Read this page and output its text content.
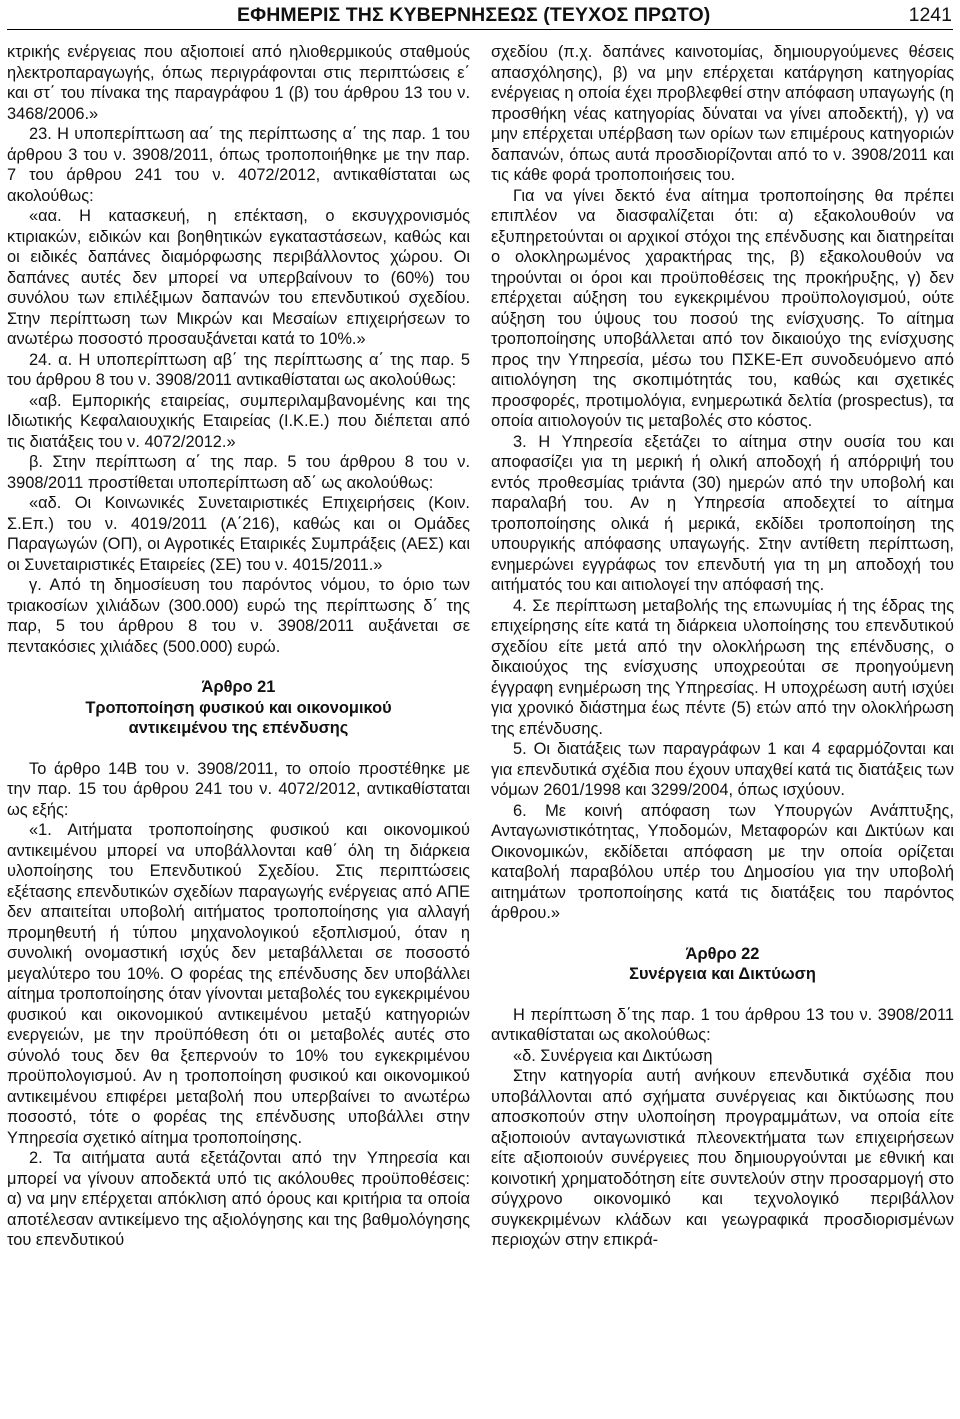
ΕΦΗΜΕΡΙΣ ΤΗΣ ΚΥΒΕΡΝΗΣΕΩΣ (ΤΕΥΧΟΣ ΠΡΩΤΟ)	1241

κτρικής ενέργειας που αξιοποιεί από ηλιοθερμικούς σταθμούς ηλεκτροπαραγωγής, όπως περιγράφονται στις περιπτώσεις ε΄ και στ΄ του πίνακα της παραγράφου 1 (β) του άρθρου 13 του ν. 3468/2006.»

23. Η υποπερίπτωση αα΄ της περίπτωσης α΄ της παρ. 1 του άρθρου 3 του ν. 3908/2011, όπως τροποποιήθηκε με την παρ. 7 του άρθρου 241 του ν. 4072/2012, αντικαθίσταται ως ακολούθως:

«αα. Η κατασκευή, η επέκταση, ο εκσυγχρονισμός κτιριακών, ειδικών και βοηθητικών εγκαταστάσεων, καθώς και οι ειδικές δαπάνες διαμόρφωσης περιβάλλοντος χώρου. Οι δαπάνες αυτές δεν μπορεί να υπερβαίνουν το (60%) του συνόλου των επιλέξιμων δαπανών του επενδυτικού σχεδίου. Στην περίπτωση των Μικρών και Μεσαίων επιχειρήσεων το ανωτέρω ποσοστό προσαυξάνεται κατά το 10%.»

24. α. Η υποπερίπτωση αβ΄ της περίπτωσης α΄ της παρ. 5 του άρθρου 8 του ν. 3908/2011 αντικαθίσταται ως ακολούθως:

«αβ. Εμπορικής εταιρείας, συμπεριλαμβανομένης και της Ιδιωτικής Κεφαλαιουχικής Εταιρείας (Ι.Κ.Ε.) που διέπεται από τις διατάξεις του ν. 4072/2012.»

β. Στην περίπτωση α΄ της παρ. 5 του άρθρου 8 του ν. 3908/2011 προστίθεται υποπερίπτωση αδ΄ ως ακολούθως:

«αδ. Οι Κοινωνικές Συνεταιριστικές Επιχειρήσεις (Κοιν. Σ.Επ.) του ν. 4019/2011 (Α΄216), καθώς και οι Ομάδες Παραγωγών (ΟΠ), οι Αγροτικές Εταιρικές Συμπράξεις (ΑΕΣ) και οι Συνεταιριστικές Εταιρείες (ΣΕ) του ν. 4015/2011.»

γ. Από τη δημοσίευση του παρόντος νόμου, το όριο των τριακοσίων χιλιάδων (300.000) ευρώ της περίπτωσης δ΄ της παρ, 5 του άρθρου 8 του ν. 3908/2011 αυξάνεται σε πεντακόσιες χιλιάδες (500.000) ευρώ.

Άρθρο 21

Τροποποίηση φυσικού και οικονομικού

αντικειμένου της επένδυσης

Το άρθρο 14Β του ν. 3908/2011, το οποίο προστέθηκε με την παρ. 15 του άρθρου 241 του ν. 4072/2012, αντικαθίσταται ως εξής:

«1. Αιτήματα τροποποίησης φυσικού και οικονομικού αντικειμένου μπορεί να υποβάλλονται καθ΄ όλη τη διάρκεια υλοποίησης του Επενδυτικού Σχεδίου. Στις περιπτώσεις εξέτασης επενδυτικών σχεδίων παραγωγής ενέργειας από ΑΠΕ δεν απαιτείται υποβολή αιτήματος τροποποίησης για αλλαγή προμηθευτή ή τύπου μηχανολογικού εξοπλισμού, όταν η συνολική ονομαστική ισχύς δεν μεταβάλλεται σε ποσοστό μεγαλύτερο του 10%. Ο φορέας της επένδυσης δεν υποβάλλει αίτημα τροποποίησης όταν γίνονται μεταβολές του εγκεκριμένου φυσικού και οικονομικού αντικειμένου μεταξύ κατηγοριών ενεργειών, με την προϋπόθεση ότι οι μεταβολές αυτές στο σύνολό τους δεν θα ξεπερνούν το 10% του εγκεκριμένου προϋπολογισμού. Αν η τροποποίηση φυσικού και οικονομικού αντικειμένου επιφέρει μεταβολή που υπερβαίνει το ανωτέρω ποσοστό, τότε ο φορέας της επένδυσης υποβάλλει στην Υπηρεσία σχετικό αίτημα τροποποίησης.

2. Τα αιτήματα αυτά εξετάζονται από την Υπηρεσία και μπορεί να γίνουν αποδεκτά υπό τις ακόλουθες προϋποθέσεις: α) να μην επέρχεται απόκλιση από όρους και κριτήρια τα οποία αποτέλεσαν αντικείμενο της αξιολόγησης και της βαθμολόγησης του επενδυτικού

σχεδίου (π.χ. δαπάνες καινοτομίας, δημιουργούμενες θέσεις απασχόλησης), β) να μην επέρχεται κατάργηση κατηγορίας ενέργειας η οποία έχει προβλεφθεί στην απόφαση υπαγωγής (η προσθήκη νέας κατηγορίας δύναται να γίνει αποδεκτή), γ) να μην επέρχεται υπέρβαση των ορίων των επιμέρους κατηγοριών δαπανών, όπως αυτά προσδιορίζονται από το ν. 3908/2011 και τις κάθε φορά τροποποιήσεις του.

Για να γίνει δεκτό ένα αίτημα τροποποίησης θα πρέπει επιπλέον να διασφαλίζεται ότι: α) εξακολουθούν να εξυπηρετούνται οι αρχικοί στόχοι της επένδυσης και διατηρείται ο ολοκληρωμένος χαρακτήρας της, β) εξακολουθούν να τηρούνται οι όροι και προϋποθέσεις της προκήρυξης, γ) δεν επέρχεται αύξηση του εγκεκριμένου προϋπολογισμού, ούτε αύξηση του ύψους του ποσού της ενίσχυσης. Το αίτημα τροποποίησης υποβάλλεται από τον δικαιούχο της ενίσχυσης προς την Υπηρεσία, μέσω του ΠΣΚΕ-Επ συνοδευόμενο από αιτιολόγηση της σκοπιμότητάς του, καθώς και σχετικές προσφορές, προτιμολόγια, ενημερωτικά δελτία (prospectus), τα οποία αιτιολογούν τις μεταβολές στο κόστος.

3. Η Υπηρεσία εξετάζει το αίτημα στην ουσία του και αποφασίζει για τη μερική ή ολική αποδοχή ή απόρριψή του εντός προθεσμίας τριάντα (30) ημερών από την υποβολή και παραλαβή του. Αν η Υπηρεσία αποδεχτεί το αίτημα τροποποίησης ολικά ή μερικά, εκδίδει τροποποίηση της υπουργικής απόφασης υπαγωγής. Στην αντίθετη περίπτωση, ενημερώνει εγγράφως τον επενδυτή για τη μη αποδοχή του αιτήματός του και αιτιολογεί την απόφασή της.

4. Σε περίπτωση μεταβολής της επωνυμίας ή της έδρας της επιχείρησης είτε κατά τη διάρκεια υλοποίησης του επενδυτικού σχεδίου είτε μετά από την ολοκλήρωση της επένδυσης, ο δικαιούχος της ενίσχυσης υποχρεούται σε προηγούμενη έγγραφη ενημέρωση της Υπηρεσίας. Η υποχρέωση αυτή ισχύει για χρονικό διάστημα έως πέντε (5) ετών από την ολοκλήρωση της επένδυσης.

5. Οι διατάξεις των παραγράφων 1 και 4 εφαρμόζονται και για επενδυτικά σχέδια που έχουν υπαχθεί κατά τις διατάξεις των νόμων 2601/1998 και 3299/2004, όπως ισχύουν.

6. Με κοινή απόφαση των Υπουργών Ανάπτυξης, Ανταγωνιστικότητας, Υποδομών, Μεταφορών και Δικτύων και Οικονομικών, εκδίδεται απόφαση με την οποία ορίζεται καταβολή παραβόλου υπέρ του Δημοσίου για την υποβολή αιτημάτων τροποποίησης κατά τις διατάξεις του παρόντος άρθρου.»

Άρθρο 22

Συνέργεια και Δικτύωση

Η περίπτωση δ΄της παρ. 1 του άρθρου 13 του ν. 3908/2011 αντικαθίσταται ως ακολούθως:

«δ. Συνέργεια και Δικτύωση

Στην κατηγορία αυτή ανήκουν επενδυτικά σχέδια που υποβάλλονται από σχήματα συνέργειας και δικτύωσης που αποσκοπούν στην υλοποίηση προγραμμάτων, να οποία είτε αξιοποιούν ανταγωνιστικά πλεονεκτήματα των επιχειρήσεων είτε αξιοποιούν συνέργειες που δημιουργούνται με εθνική και κοινοτική χρηματοδότηση είτε συντελούν στην προσαρμογή στο σύγχρονο οικονομικό και τεχνολογικό περιβάλλον συγκεκριμένων κλάδων και γεωγραφικά προσδιορισμένων περιοχών στην επικρά-
